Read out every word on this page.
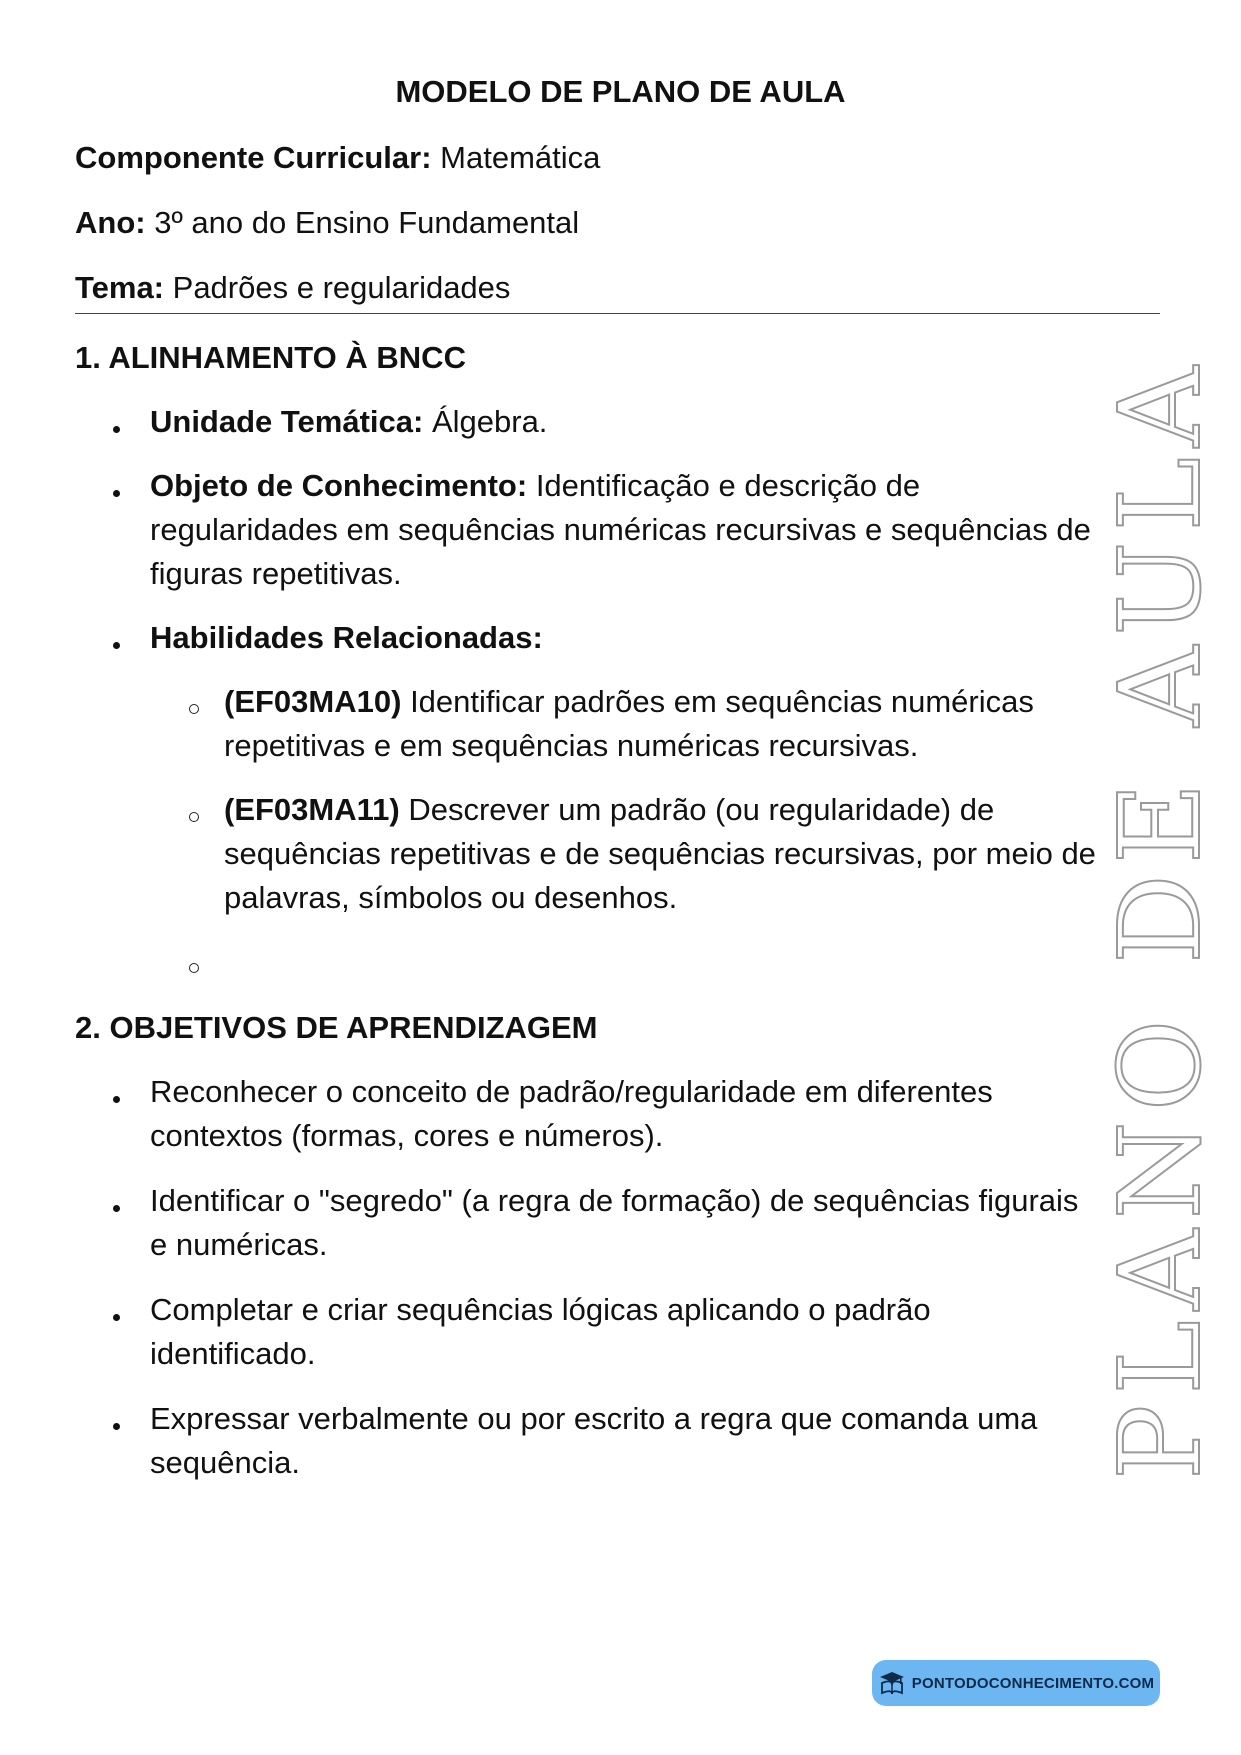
MODELO DE PLANO DE AULA

Componente Curricular: Matemática

Ano: 3º ano do Ensino Fundamental

Tema: Padrões e regularidades

1. ALINHAMENTO À BNCC

Unidade Temática: Álgebra.

Objeto de Conhecimento: Identificação e descrição de
regularidades em sequências numéricas recursivas e sequências de
figuras repetitivas.

Habilidades Relacionadas:

(EF03MA10) Identificar padrões em sequências numéricas
repetitivas e em sequências numéricas recursivas.
(EF03MA11) Descrever um padrão (ou regularidade) de
sequências repetitivas e de sequências recursivas, por meio de
palavras, símbolos ou desenhos.
2. OBJETIVOS DE APRENDIZAGEM
Reconhecer o conceito de padrão/regularidade em diferentes
contextos (formas, cores e números).
Identificar o "segredo" (a regra de formação) de sequências figurais
e numéricas.
Completar e criar sequências lógicas aplicando o padrão
identificado.
Expressar verbalmente ou por escrito a regra que comanda uma
sequência.	PLANO DE AULA
PONTODOCONHECIMENTO.COM
